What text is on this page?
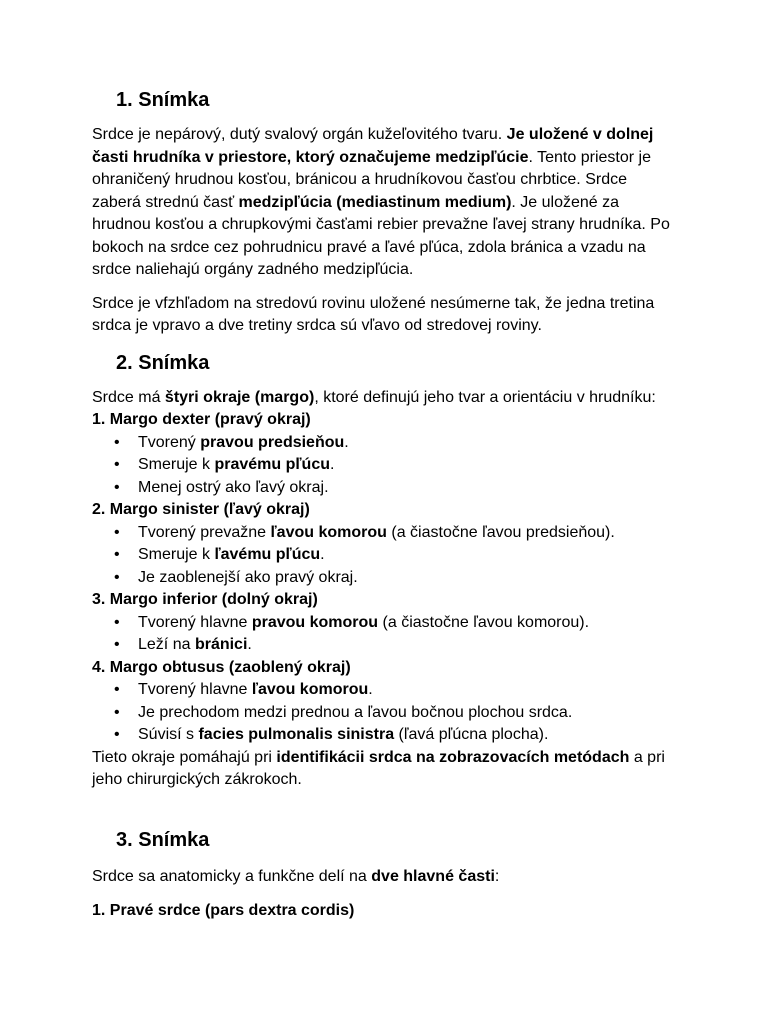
1. Snímka

Srdce je nepárový, dutý svalový orgán kužeľovitého tvaru. Je uložené v dolnej časti hrudníka v priestore, ktorý označujeme medzipľúcie. Tento priestor je ohraničený hrudnou kosťou, bránicou a hrudníkovou časťou chrbtice. Srdce zaberá strednú časť medzipľúcia (mediastinum medium). Je uložené za hrudnou kosťou a chrupkovými časťami rebier prevažne ľavej strany hrudníka. Po bokoch na srdce cez pohrudnicu pravé a ľavé pľúca, zdola bránica a vzadu na srdce naliehajú orgány zadného medzipľúcia.

Srdce je vfzhľadom na stredovú rovinu uložené nesúmerne tak, že jedna tretina srdca je vpravo a dve tretiny srdca sú vľavo od stredovej roviny.

2. Snímka

Srdce má štyri okraje (margo), ktoré definujú jeho tvar a orientáciu v hrudníku:

1. Margo dexter (pravý okraj)

• Tvorený pravou predsieňou.
• Smeruje k pravému pľúcu.
• Menej ostrý ako ľavý okraj.

2. Margo sinister (ľavý okraj)

• Tvorený prevažne ľavou komorou (a čiastočne ľavou predsieňou).
• Smeruje k ľavému pľúcu.
• Je zaoblenejší ako pravý okraj.

3. Margo inferior (dolný okraj)

• Tvorený hlavne pravou komorou (a čiastočne ľavou komorou).
• Leží na bránici.

4. Margo obtusus (zaoblený okraj)

• Tvorený hlavne ľavou komorou.
• Je prechodom medzi prednou a ľavou bočnou plochou srdca.
• Súvisí s facies pulmonalis sinistra (ľavá pľúcna plocha).

Tieto okraje pomáhajú pri identifikácii srdca na zobrazovacích metódach a pri jeho chirurgických zákrokoch.

3. Snímka

Srdce sa anatomicky a funkčne delí na dve hlavné časti:

1. Pravé srdce (pars dextra cordis)
